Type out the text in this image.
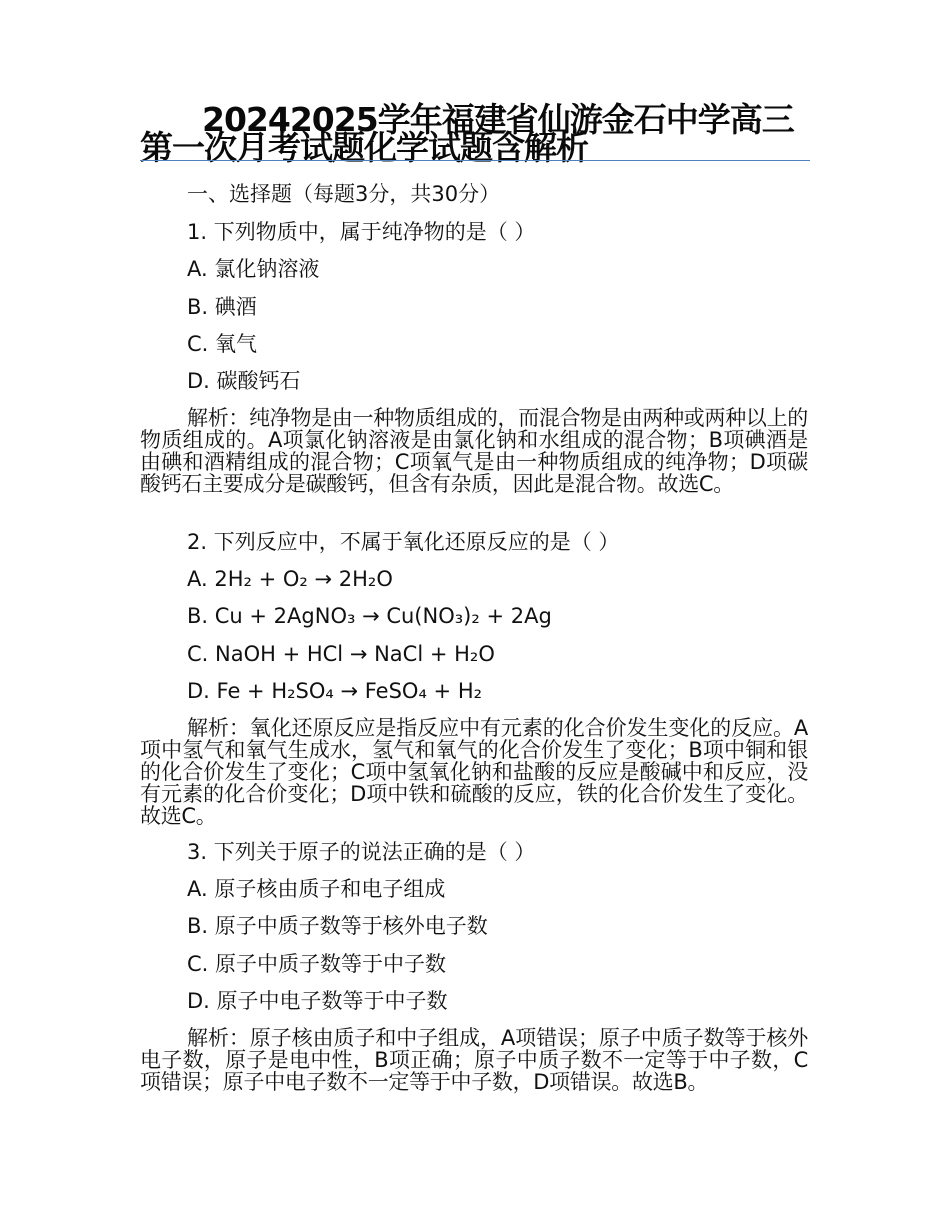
20242025学年福建省仙游金石中学高三第一次月考试题化学试题含解析
一、选择题（每题3分，共30分）
1. 下列物质中，属于纯净物的是（ ）
A. 氯化钠溶液
B. 碘酒
C. 氧气
D. 碳酸钙石
解析：纯净物是由一种物质组成的，而混合物是由两种或两种以上的物质组成的。A项氯化钠溶液是由氯化钠和水组成的混合物；B项碘酒是由碘和酒精组成的混合物；C项氧气是由一种物质组成的纯净物；D项碳酸钙石主要成分是碳酸钙，但含有杂质，因此是混合物。故选C。
2. 下列反应中，不属于氧化还原反应的是（ ）
A. 2H₂ + O₂ → 2H₂O
B. Cu + 2AgNO₃ → Cu(NO₃)₂ + 2Ag
C. NaOH + HCl → NaCl + H₂O
D. Fe + H₂SO₄ → FeSO₄ + H₂
解析：氧化还原反应是指反应中有元素的化合价发生变化的反应。A项中氢气和氧气生成水，氢气和氧气的化合价发生了变化；B项中铜和银的化合价发生了变化；C项中氢氧化钠和盐酸的反应是酸碱中和反应，没有元素的化合价变化；D项中铁和硫酸的反应，铁的化合价发生了变化。故选C。
3. 下列关于原子的说法正确的是（ ）
A. 原子核由质子和电子组成
B. 原子中质子数等于核外电子数
C. 原子中质子数等于中子数
D. 原子中电子数等于中子数
解析：原子核由质子和中子组成，A项错误；原子中质子数等于核外电子数，原子是电中性，B项正确；原子中质子数不一定等于中子数，C项错误；原子中电子数不一定等于中子数，D项错误。故选B。
